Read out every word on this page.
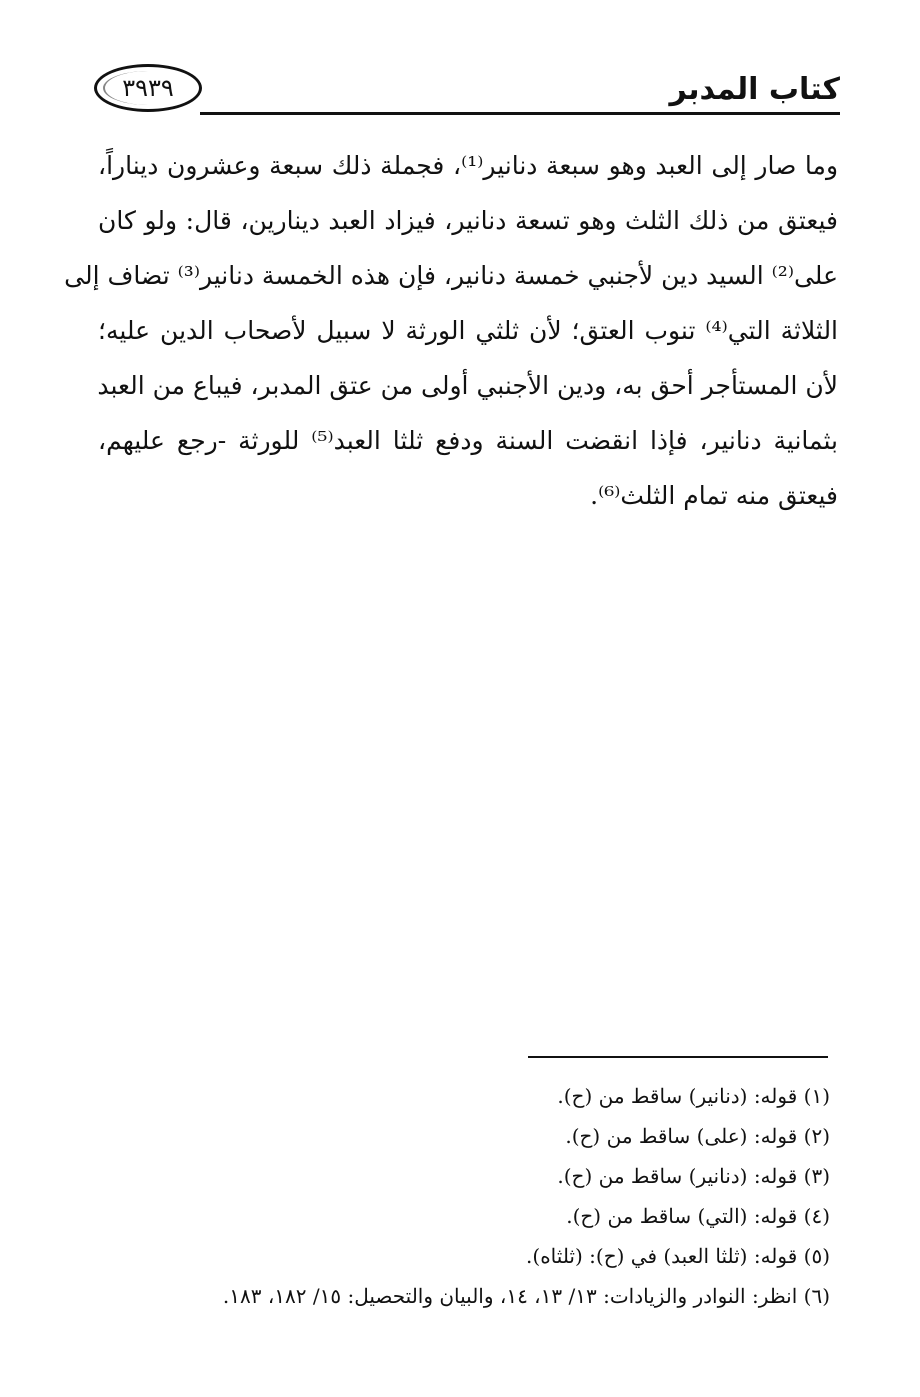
٣٩٣٩	كتاب المدبر
وما صار إلى العبد وهو سبعة دنانير⁽¹⁾، فجملة ذلك سبعة وعشرون ديناراً،
فيعتق من ذلك الثلث وهو تسعة دنانير، فيزاد العبد دينارين، قال: ولو كان
على⁽²⁾ السيد دين لأجنبي خمسة دنانير، فإن هذه الخمسة دنانير⁽³⁾ تضاف إلى
الثلاثة التي⁽⁴⁾ تنوب العتق؛ لأن ثلثي الورثة لا سبيل لأصحاب الدين عليه؛
لأن المستأجر أحق به، ودين الأجنبي أولى من عتق المدبر، فيباع من العبد
بثمانية دنانير، فإذا انقضت السنة ودفع ثلثا العبد⁽⁵⁾ للورثة -رجع عليهم،
فيعتق منه تمام الثلث⁽⁶⁾.
(١) قوله: (دنانير) ساقط من (ح).
(٢) قوله: (على) ساقط من (ح).
(٣) قوله: (دنانير) ساقط من (ح).
(٤) قوله: (التي) ساقط من (ح).
(٥) قوله: (ثلثا العبد) في (ح): (ثلثاه).
(٦) انظر: النوادر والزيادات: ١٣/ ١٣، ١٤، والبيان والتحصيل: ١٥/ ١٨٢، ١٨٣.
